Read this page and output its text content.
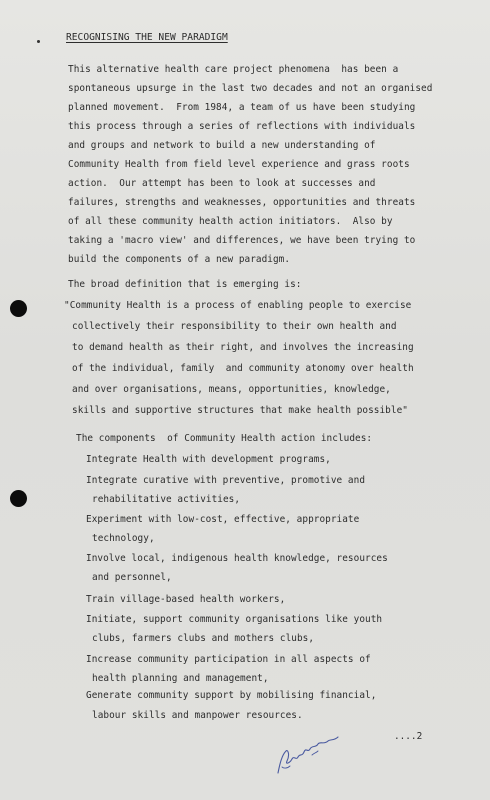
RECOGNISING THE NEW PARADIGM
This alternative health care project phenomena  has been a
spontaneous upsurge in the last two decades and not an organised
planned movement.  From 1984, a team of us have been studying
this process through a series of reflections with individuals
and groups and network to build a new understanding of
Community Health from field level experience and grass roots
action.  Our attempt has been to look at successes and
failures, strengths and weaknesses, opportunities and threats
of all these community health action initiators.  Also by
taking a 'macro view' and differences, we have been trying to
build the components of a new paradigm.
The broad definition that is emerging is:
"Community Health is a process of enabling people to exercise
collectively their responsibility to their own health and
to demand health as their right, and involves the increasing
of the individual, family  and community atonomy over health
and over organisations, means, opportunities, knowledge,
skills and supportive structures that make health possible"
The components  of Community Health action includes:
Integrate Health with development programs,
Integrate curative with preventive, promotive and
rehabilitative activities,
Experiment with low-cost, effective, appropriate
technology,
Involve local, indigenous health knowledge, resources
and personnel,
Train village-based health workers,
Initiate, support community organisations like youth
clubs, farmers clubs and mothers clubs,
Increase community participation in all aspects of
health planning and management,
Generate community support by mobilising financial,
labour skills and manpower resources.
....2
